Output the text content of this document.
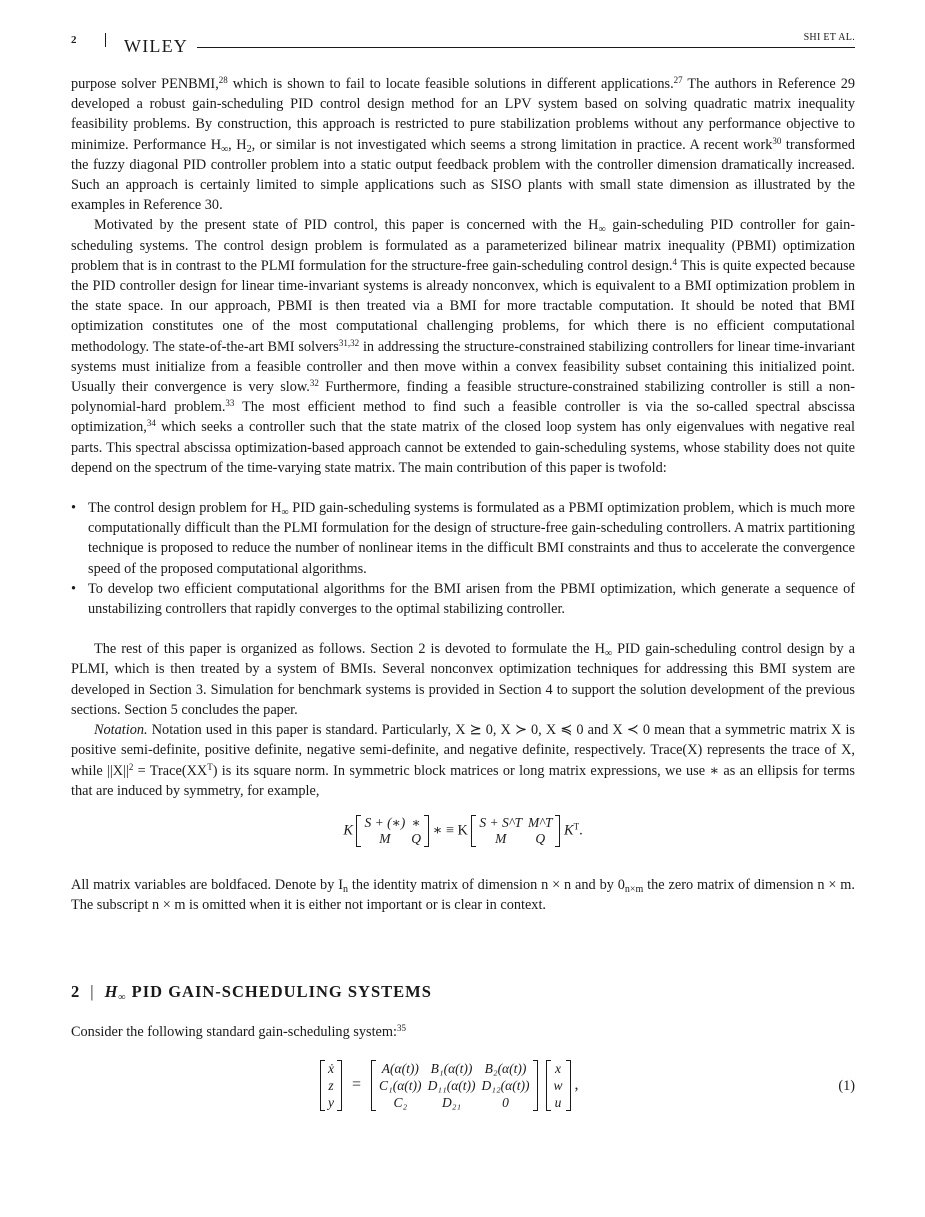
2	WILEY	SHI ET AL.

purpose solver PENBMI,$^{28}$ which is shown to fail to locate feasible solutions in different applications.$^{27}$ The authors in Reference 29 developed a robust gain-scheduling PID control design method for an LPV system based on solving quadratic matrix inequality feasibility problems. By construction, this approach is restricted to pure stabilization problems without any performance objective to minimize. Performance $H_\infty$, $H_2$, or similar is not investigated which seems a strong limitation in practice. A recent work$^{30}$ transformed the fuzzy diagonal PID controller problem into a static output feedback problem with the controller dimension dramatically increased. Such an approach is certainly limited to simple applications such as SISO plants with small state dimension as illustrated by the examples in Reference 30.

Motivated by the present state of PID control, this paper is concerned with the $H_\infty$ gain-scheduling PID controller for gain-scheduling systems. The control design problem is formulated as a parameterized bilinear matrix inequality (PBMI) optimization problem that is in contrast to the PLMI formulation for the structure-free gain-scheduling control design.$^4$ This is quite expected because the PID controller design for linear time-invariant systems is already nonconvex, which is equivalent to a BMI optimization problem in the state space. In our approach, PBMI is then treated via a BMI for more tractable computation. It should be noted that BMI optimization constitutes one of the most computational challenging problems, for which there is no efficient computational methodology. The state-of-the-art BMI solvers$^{31,32}$ in addressing the structure-constrained stabilizing controllers for linear time-invariant systems must initialize from a feasible controller and then move within a convex feasibility subset containing this initialized point. Usually their convergence is very slow.$^{32}$ Furthermore, finding a feasible structure-constrained stabilizing controller is still a non-polynomial-hard problem.$^{33}$ The most efficient method to find such a feasible controller is via the so-called spectral abscissa optimization,$^{34}$ which seeks a controller such that the state matrix of the closed loop system has only eigenvalues with negative real parts. This spectral abscissa optimization-based approach cannot be extended to gain-scheduling systems, whose stability does not quite depend on the spectrum of the time-varying state matrix. The main contribution of this paper is twofold:

• The control design problem for $H_\infty$ PID gain-scheduling systems is formulated as a PBMI optimization problem, which is much more computationally difficult than the PLMI formulation for the design of structure-free gain-scheduling controllers. A matrix partitioning technique is proposed to reduce the number of nonlinear items in the difficult BMI constraints and thus to accelerate the convergence speed of the proposed computational algorithms.
• To develop two efficient computational algorithms for the BMI arisen from the PBMI optimization, which generate a sequence of unstabilizing controllers that rapidly converges to the optimal stabilizing controller.

The rest of this paper is organized as follows. Section 2 is devoted to formulate the $H_\infty$ PID gain-scheduling control design by a PLMI, which is then treated by a system of BMIs. Several nonconvex optimization techniques for addressing this BMI system are developed in Section 3. Simulation for benchmark systems is provided in Section 4 to support the solution development of the previous sections. Section 5 concludes the paper.

Notation. Notation used in this paper is standard. Particularly, X ⪰ 0, X ≻ 0, X ≼ 0 and X ≺ 0 mean that a symmetric matrix X is positive semi-definite, positive definite, negative semi-definite, and negative definite, respectively. Trace(X) represents the trace of X, while $||X||^2$ = $Trace(XX^T)$ is its square norm. In symmetric block matrices or long matrix expressions, we use ∗ as an ellipsis for terms that are induced by symmetry, for example,

K S + (∗)	∗
M	Q
∗ ≡ K S + S^T	M^T
M	Q
$K^T$.

All matrix variables are boldfaced. Denote by $I_n$ the identity matrix of dimension n × n and by $0_{n\times m}$ the zero matrix of dimension n × m. The subscript n × m is omitted when it is either not important or is clear in context.

2 | $H_\infty$ PID GAIN-SCHEDULING SYSTEMS
Consider the following standard gain-scheduling system:$^{35}$
ẋ
z
y
=
A(α(t))	B₁(α(t))	B₂(α(t))
C₁(α(t))	D₁₁(α(t))	D₁₂(α(t))
C₂	D₂₁	0

x
w
u
,	(1)
